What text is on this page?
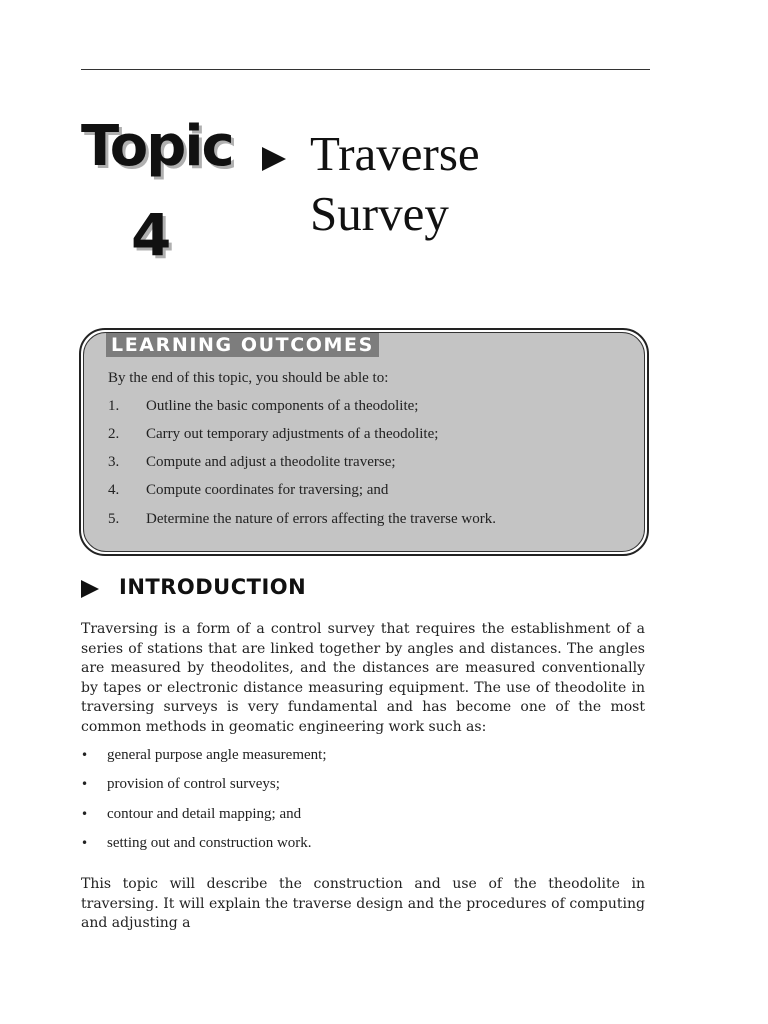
Topic
4
Traverse
Survey
LEARNING OUTCOMES
By the end of this topic, you should be able to:
1. Outline the basic components of a theodolite;
2. Carry out temporary adjustments of a theodolite;
3. Compute and adjust a theodolite traverse;
4. Compute coordinates for traversing; and
5. Determine the nature of errors affecting the traverse work.
INTRODUCTION
Traversing is a form of a control survey that requires the establishment of a series of stations that are linked together by angles and distances. The angles are measured by theodolites, and the distances are measured conventionally by tapes or electronic distance measuring equipment. The use of theodolite in traversing surveys is very fundamental and has become one of the most common methods in geomatic engineering work such as:
• general purpose angle measurement;
• provision of control surveys;
• contour and detail mapping; and
• setting out and construction work.
This topic will describe the construction and use of the theodolite in traversing. It will explain the traverse design and the procedures of computing and adjusting a
